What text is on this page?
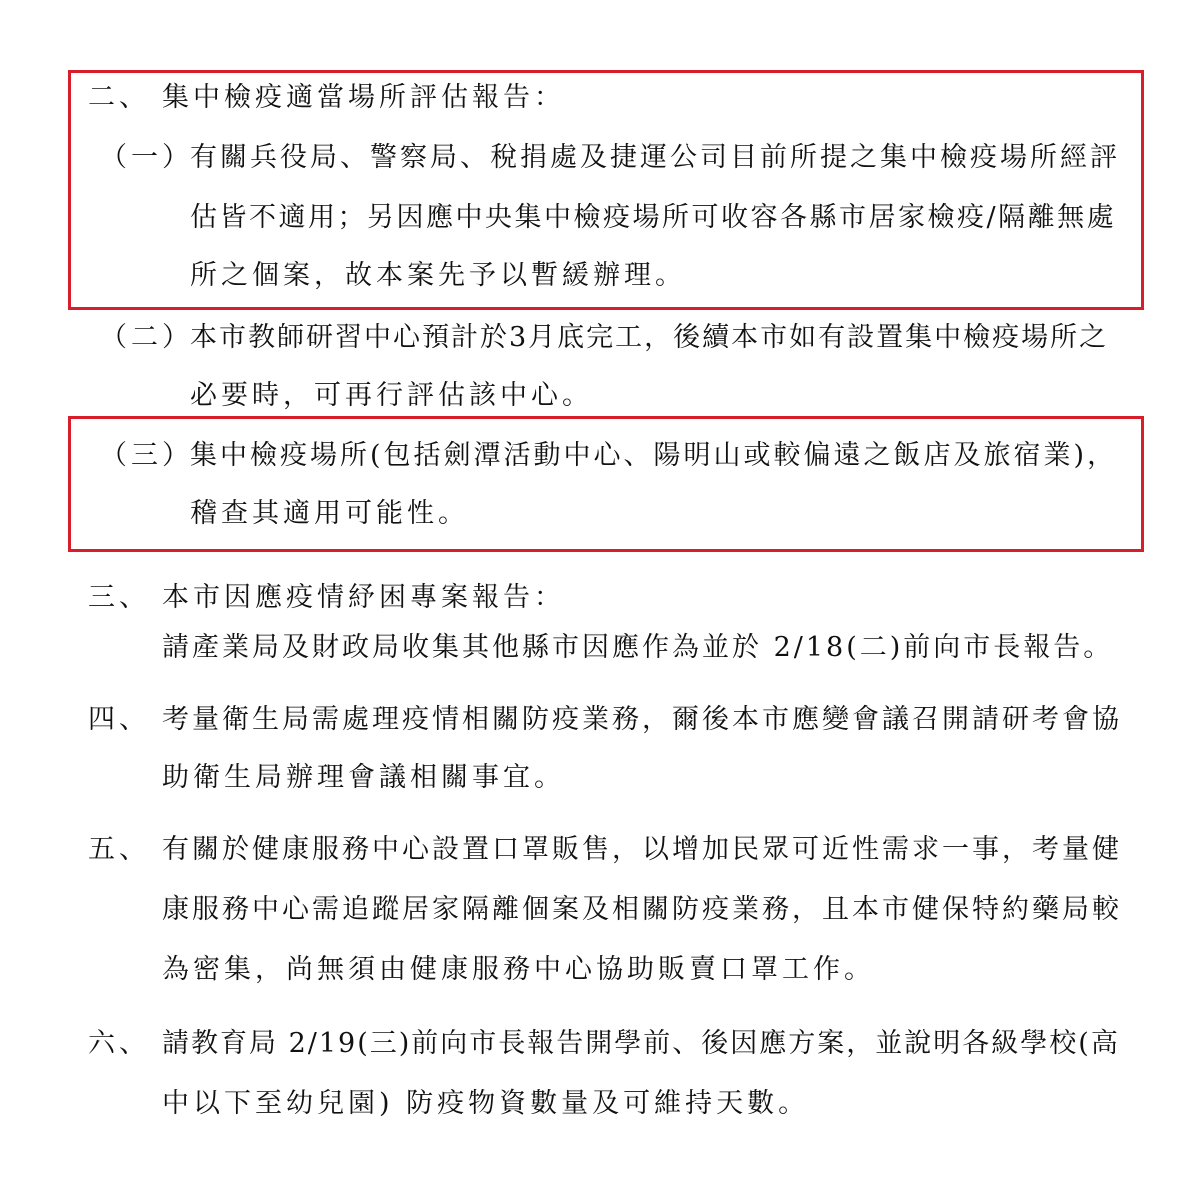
二、 集中檢疫適當場所評估報告：
（一）
有關兵役局、警察局、稅捐處及捷運公司目前所提之集中檢疫場所經評
估皆不適用；另因應中央集中檢疫場所可收容各縣市居家檢疫/隔離無處
所之個案，故本案先予以暫緩辦理。
（二）
本市教師研習中心預計於3月底完工，後續本市如有設置集中檢疫場所之
必要時，可再行評估該中心。
（三）
集中檢疫場所(包括劍潭活動中心、陽明山或較偏遠之飯店及旅宿業)，
稽查其適用可能性。
三、 本市因應疫情紓困專案報告：
請產業局及財政局收集其他縣市因應作為並於 2/18(二)前向市長報告。
四、 考量衛生局需處理疫情相關防疫業務，爾後本市應變會議召開請研考會協
助衛生局辦理會議相關事宜。
五、 有關於健康服務中心設置口罩販售，以增加民眾可近性需求一事，考量健
康服務中心需追蹤居家隔離個案及相關防疫業務，且本市健保特約藥局較
為密集，尚無須由健康服務中心協助販賣口罩工作。
六、 請教育局 2/19(三)前向市長報告開學前、後因應方案，並說明各級學校(高
中以下至幼兒園) 防疫物資數量及可維持天數。
